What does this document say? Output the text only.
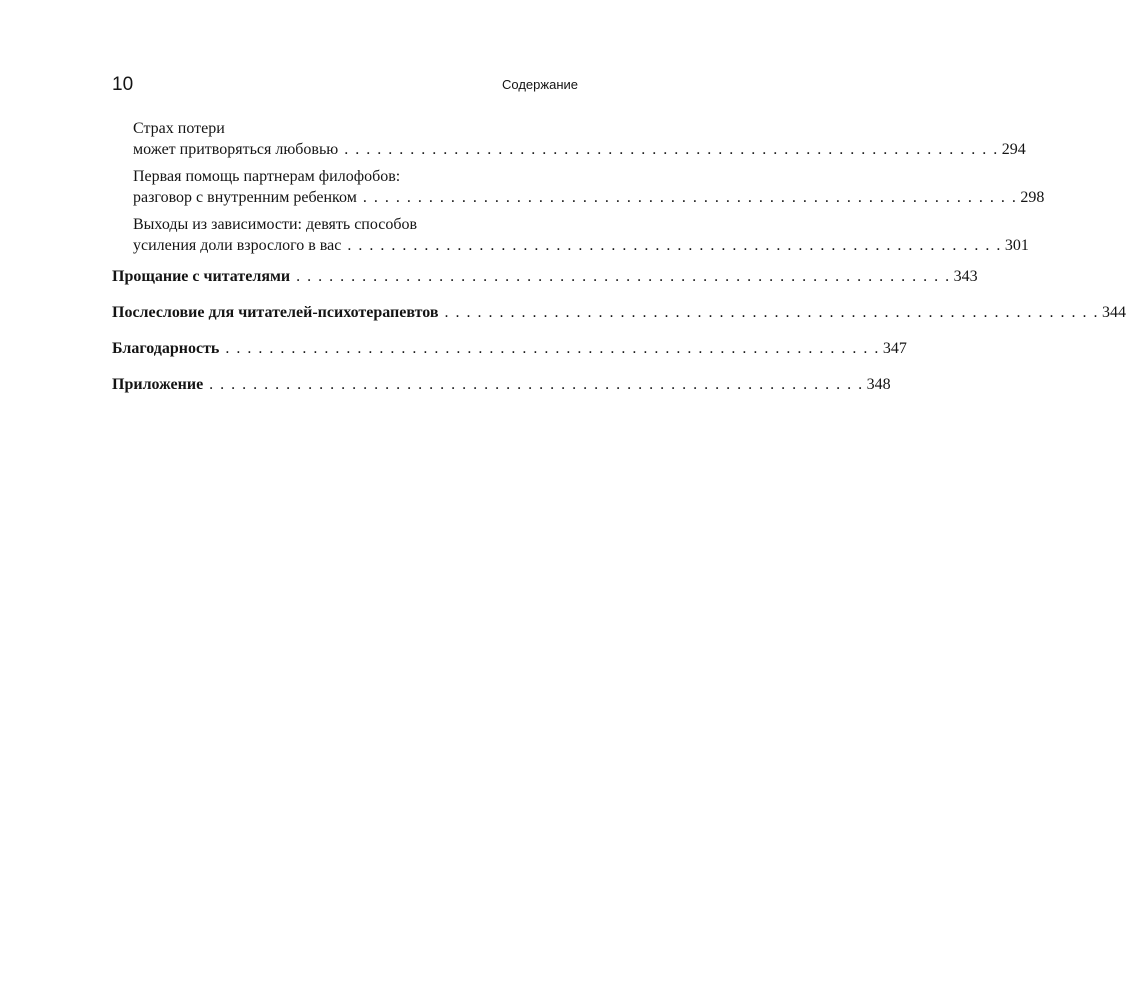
10	Содержание
Страх потери
может притворяться любовью . . . . . . . . . . . . . . . . . . . . . . . . . . . . . . . . . . . . . . . . . . . . . . . . . . . . . . . . . . . . 294
Первая помощь партнерам филофобов:
разговор с внутренним ребенком . . . . . . . . . . . . . . . . . . . . . . . . . . . . . . . . . . . . . . . . . . . . . . . . . . . . . . . . . . . . 298
Выходы из зависимости: девять способов
усиления доли взрослого в вас . . . . . . . . . . . . . . . . . . . . . . . . . . . . . . . . . . . . . . . . . . . . . . . . . . . . . . . . . . . . 301
Прощание с читателями . . . . . . . . . . . . . . . . . . . . . . . . . . . . . . . . . . . . . . . . . . . . . . . . . . . . . . . . . . . . 343
Послесловие для читателей-психотерапевтов . . . . . . . . . . . . . . . . . . . . . . . . . . . . . . . . . . . . . . . . . . . . . . . . . . . . . . . . . . . . 344
Благодарность . . . . . . . . . . . . . . . . . . . . . . . . . . . . . . . . . . . . . . . . . . . . . . . . . . . . . . . . . . . . 347
Приложение . . . . . . . . . . . . . . . . . . . . . . . . . . . . . . . . . . . . . . . . . . . . . . . . . . . . . . . . . . . . 348
